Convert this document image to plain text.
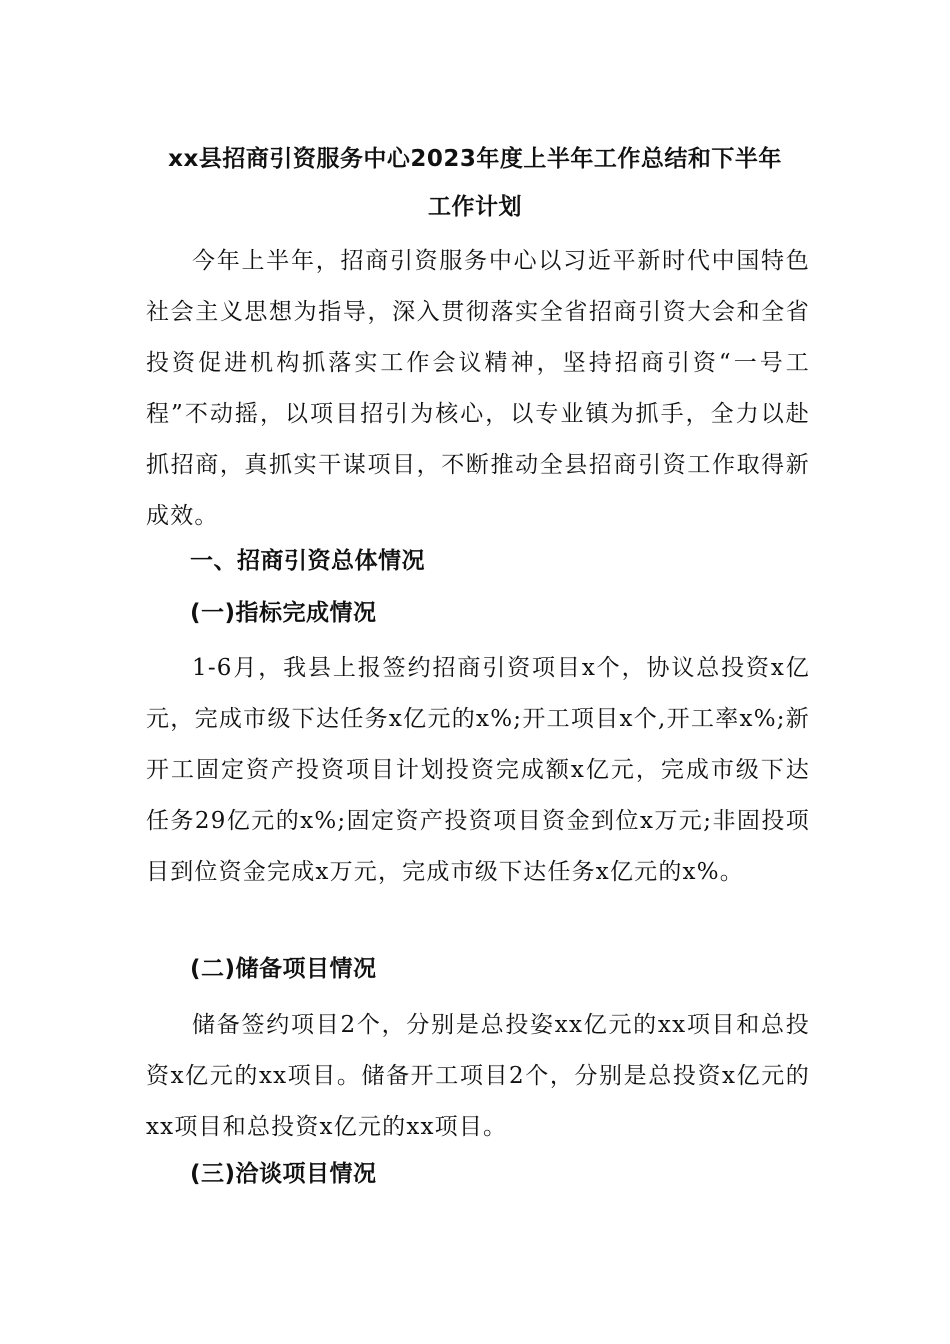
xx县招商引资服务中心2023年度上半年工作总结和下半年
工作计划

今年上半年，招商引资服务中心以习近平新时代中国特色社会主义思想为指导，深入贯彻落实全省招商引资大会和全省投资促进机构抓落实工作会议精神，坚持招商引资“一号工程”不动摇，以项目招引为核心，以专业镇为抓手，全力以赴抓招商，真抓实干谋项目，不断推动全县招商引资工作取得新成效。

一、招商引资总体情况
(一)指标完成情况

1-6月，我县上报签约招商引资项目x个，协议总投资x亿元，完成市级下达任务x亿元的x%;开工项目x个,开工率x%;新开工固定资产投资项目计划投资完成额x亿元，完成市级下达任务29亿元的x%;固定资产投资项目资金到位x万元;非固投项目到位资金完成x万元，完成市级下达任务x亿元的x%。

(二)储备项目情况

储备签约项目2个，分别是总投姿xx亿元的xx项目和总投资x亿元的xx项目。储备开工项目2个，分别是总投资x亿元的xx项目和总投资x亿元的xx项目。

(三)洽谈项目情况
